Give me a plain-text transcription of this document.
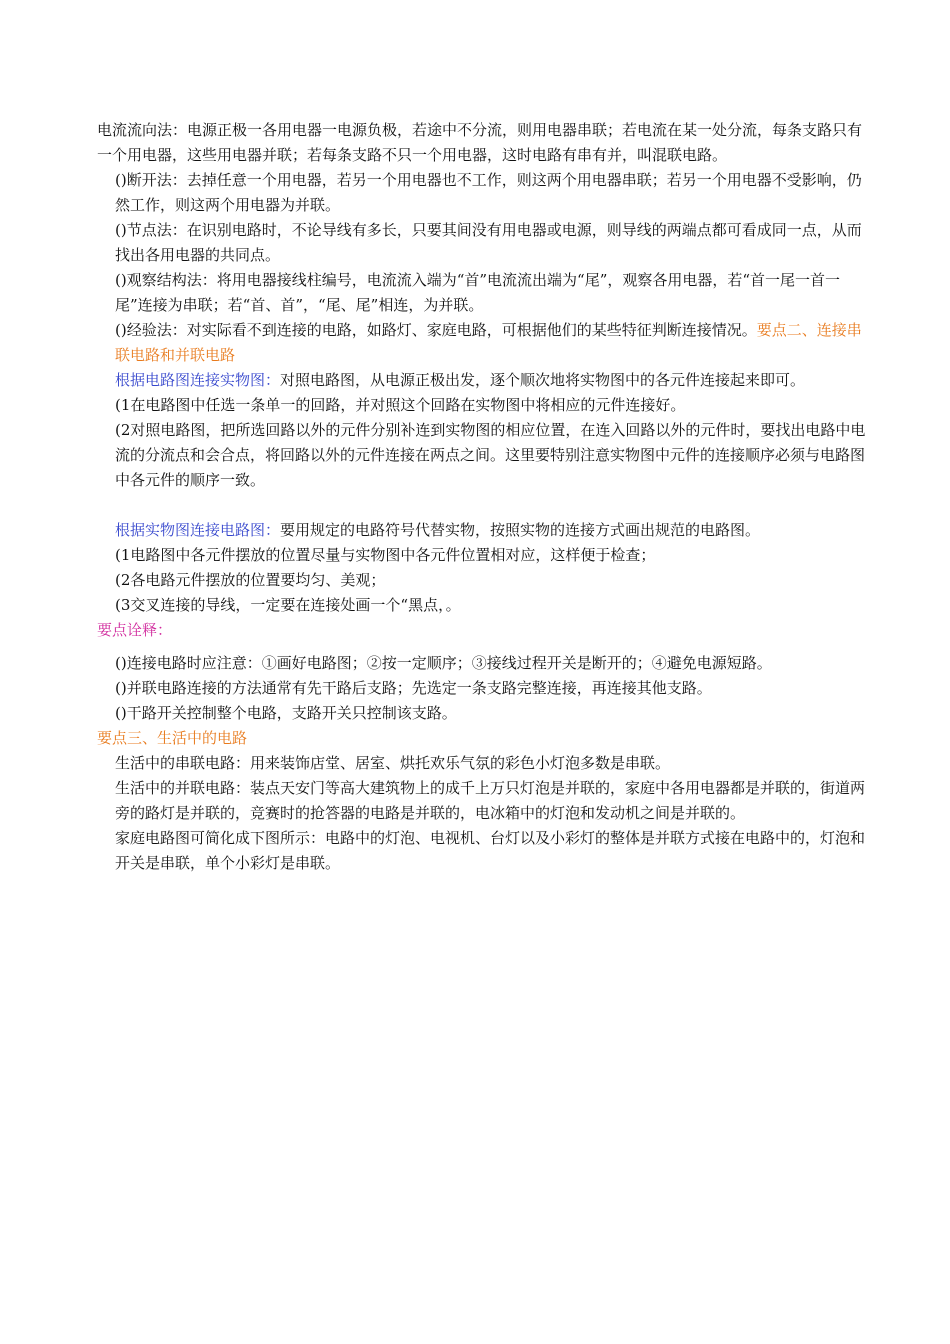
电流流向法：电源正极一各用电器一电源负极，若途中不分流，则用电器串联；若电流在某一处分流，每条支路只有一个用电器，这些用电器并联；若每条支路不只一个用电器，这时电路有串有并，叫混联电路。

()断开法：去掉任意一个用电器，若另一个用电器也不工作，则这两个用电器串联；若另一个用电器不受影响，仍然工作，则这两个用电器为并联。

()节点法：在识别电路时，不论导线有多长，只要其间没有用电器或电源，则导线的两端点都可看成同一点，从而找出各用电器的共同点。

()观察结构法：将用电器接线柱编号，电流流入端为“首”电流流出端为“尾”，观察各用电器，若“首一尾一首一尾”连接为串联；若“首、首”，“尾、尾”相连，为并联。

()经验法：对实际看不到连接的电路，如路灯、家庭电路，可根据他们的某些特征判断连接情况。要点二、连接串联电路和并联电路

根据电路图连接实物图：对照电路图，从电源正极出发，逐个顺次地将实物图中的各元件连接起来即可。

(1在电路图中任选一条单一的回路，并对照这个回路在实物图中将相应的元件连接好。

(2对照电路图，把所选回路以外的元件分别补连到实物图的相应位置，在连入回路以外的元件时，要找出电路中电流的分流点和会合点，将回路以外的元件连接在两点之间。这里要特别注意实物图中元件的连接顺序必须与电路图中各元件的顺序一致。

根据实物图连接电路图：要用规定的电路符号代替实物，按照实物的连接方式画出规范的电路图。

(1电路图中各元件摆放的位置尽量与实物图中各元件位置相对应，这样便于检查；

(2各电路元件摆放的位置要均匀、美观；

(3交叉连接的导线，一定要在连接处画一个“黑点，。

要点诠释：

()连接电路时应注意：①画好电路图；②按一定顺序；③接线过程开关是断开的；④避免电源短路。

()并联电路连接的方法通常有先干路后支路；先选定一条支路完整连接，再连接其他支路。

()干路开关控制整个电路，支路开关只控制该支路。

要点三、生活中的电路

生活中的串联电路：用来装饰店堂、居室、烘托欢乐气氛的彩色小灯泡多数是串联。

生活中的并联电路：装点天安门等高大建筑物上的成千上万只灯泡是并联的，家庭中各用电器都是并联的，街道两旁的路灯是并联的，竞赛时的抢答器的电路是并联的，电冰箱中的灯泡和发动机之间是并联的。

家庭电路图可简化成下图所示：电路中的灯泡、电视机、台灯以及小彩灯的整体是并联方式接在电路中的，灯泡和开关是串联，单个小彩灯是串联。
